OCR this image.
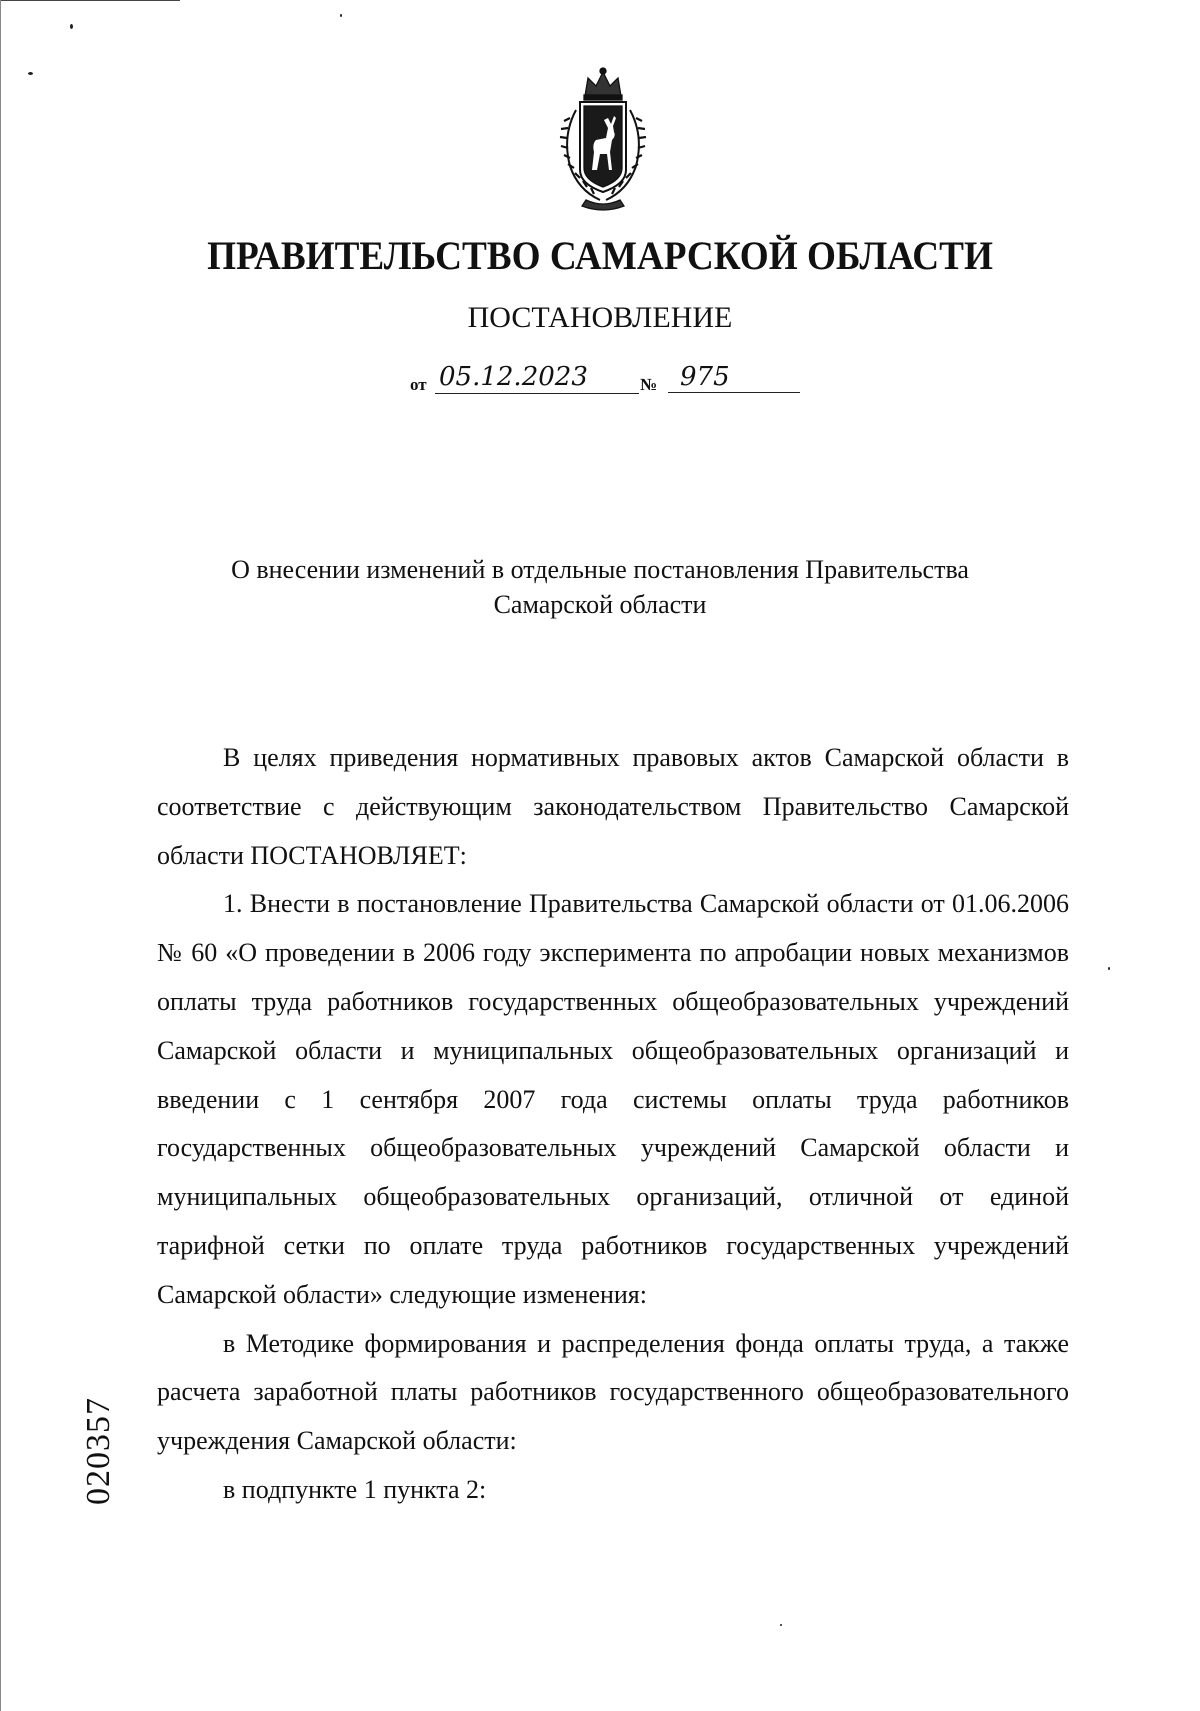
ПРАВИТЕЛЬСТВО САМАРСКОЙ ОБЛАСТИ
ПОСТАНОВЛЕНИЕ
от 05.12.2023	№ 975
О внесении изменений в отдельные постановления Правительства
Самарской области

В целях приведения нормативных правовых актов Самарской области в соответствие с действующим законодательством Правительство Самарской области ПОСТАНОВЛЯЕТ:

1. Внести в постановление Правительства Самарской области от 01.06.2006 № 60 «О проведении в 2006 году эксперимента по апробации новых механизмов оплаты труда работников государственных общеобразовательных учреждений Самарской области и муниципальных общеобразовательных организаций и введении с 1 сентября 2007 года системы оплаты труда работников государственных общеобразовательных учреждений Самарской области и муниципальных общеобразовательных организаций, отличной от единой тарифной сетки по оплате труда работников государственных учреждений Самарской области» следующие изменения:

в Методике формирования и распределения фонда оплаты труда, а также расчета заработной платы работников государственного общеобразовательного учреждения Самарской области:

в подпункте 1 пункта 2:

020357
